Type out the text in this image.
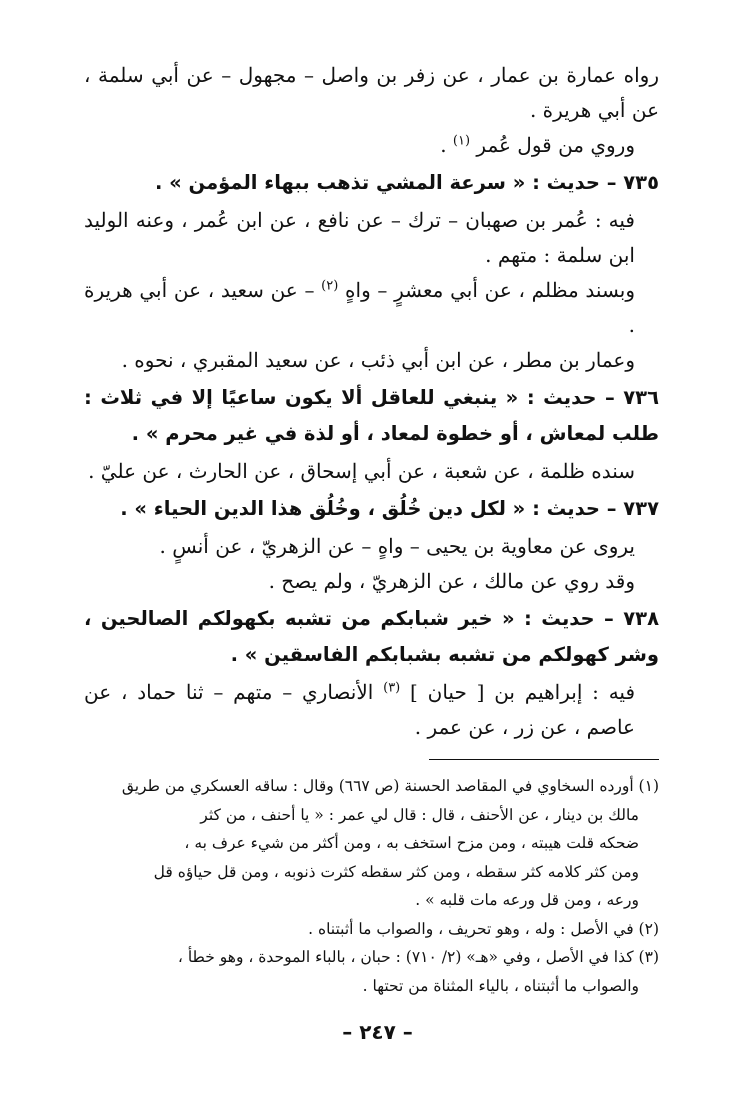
رواه عمارة بن عمار ، عن زفر بن واصل – مجهول – عن أبي سلمة ، عن أبي هريرة .

وروي من قول عُمر $^{(١)}$ .

٧٣٥ – حديث : « سرعة المشي تذهب ببهاء المؤمن » .

فيه : عُمر بن صهبان – ترك – عن نافع ، عن ابن عُمر ، وعنه الوليد ابن سلمة : متهم .

وبسند مظلم ، عن أبي معشرٍ – واهٍ $^{(٢)}$ – عن سعيد ، عن أبي هريرة .

وعمار بن مطر ، عن ابن أبي ذئب ، عن سعيد المقبري ، نحوه .

٧٣٦ – حديث : « ينبغي للعاقل ألا يكون ساعيًا إلا في ثلاث : طلب لمعاش ، أو خطوة لمعاد ، أو لذة في غير محرم » .

سنده ظلمة ، عن شعبة ، عن أبي إسحاق ، عن الحارث ، عن عليّ .

٧٣٧ – حديث : « لكل دين خُلُق ، وخُلُق هذا الدين الحياء » .

يروى عن معاوية بن يحيى – واهٍ – عن الزهريّ ، عن أنسٍ .

وقد روي عن مالك ، عن الزهريّ ، ولم يصح .

٧٣٨ – حديث : « خير شبابكم من تشبه بكهولكم الصالحين ، وشر كهولكم من تشبه بشبابكم الفاسقين » .

فيه : إبراهيم بن [ حيان ] $^{(٣)}$ الأنصاري – متهم – ثنا حماد ، عن عاصم ، عن زر ، عن عمر .

(١) أورده السخاوي في المقاصد الحسنة (ص ٦٦٧) وقال : ساقه العسكري من طريق

مالك بن دينار ، عن الأحنف ، قال : قال لي عمر : « يا أحنف ، من كثر

ضحكه قلت هيبته ، ومن مزح استخف به ، ومن أكثر من شيء عرف به ،

ومن كثر كلامه كثر سقطه ، ومن كثر سقطه كثرت ذنوبه ، ومن قل حياؤه قل

ورعه ، ومن قل ورعه مات قلبه » .

(٢) في الأصل : وله ، وهو تحريف ، والصواب ما أثبتناه .

(٣) كذا في الأصل ، وفي «هـ» (٢/ ٧١٠) : حبان ، بالباء الموحدة ، وهو خطأ ،

والصواب ما أثبتناه ، بالياء المثناة من تحتها .

– ٢٤٧ –
